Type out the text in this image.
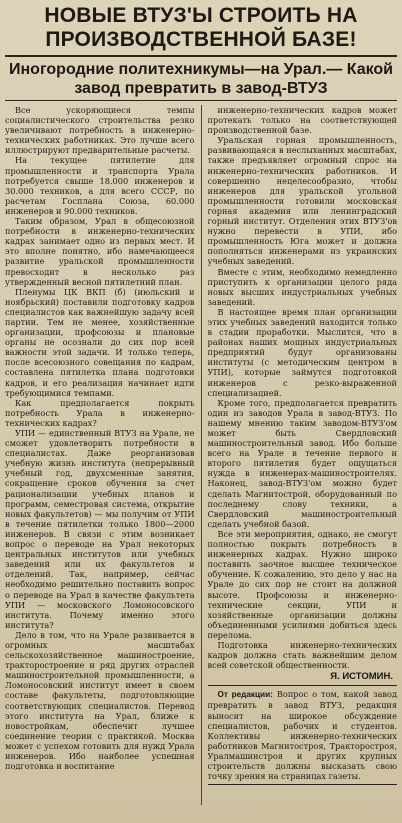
НОВЫЕ ВТУЗ'Ы СТРОИТЬ НА ПРОИЗВОДСТВЕННОЙ БАЗЕ!
Иногородние политехникумы—на Урал.— Какой завод превратить в завод-ВТУЗ

Все ускоряющиеся темпы социалистического строительства резко увеличивают потребность в инженерно-технических работниках. Это лучше всего иллюстрируют предварительные расчеты.

На текущее пятилетие для промышленности и транспорта Урала потребуется свыше 18.000 инженеров и 30.000 техников, а для всего СССР, по расчетам Госплана Союза, 60.000 инженеров и 90.000 техников.

Таким образом, Урал в общесоюзной потребности в инженерно-технических кадрах занимает одно из первых мест. И это вполне понятно, ибо намечающееся развитие уральской промышленности превосходит в несколько раз утвержденный весной пятилетний план.

Пленумы ЦК ВКП (б) (июльский и ноябрьский) поставили подготовку кадров специалистов как важнейшую задачу всей партии. Тем не менее, хозяйственные организации, профсоюзы и плановые органы не осознали до сих пор всей важности этой задачи. И только теперь, после всесоюзного совещания по кадрам, составлена пятилетка плана подготовки кадров, и его реализация начинает идти требующимися темпами.

Как предполагается покрыть потребность Урала в инженерно-технических кадрах?

УПИ — единственный ВТУЗ на Урале, не сможет удовлетворить потребности в специалистах. Даже реорганизовав учебную жизнь института (непрерывный учебный год, двухсменные занятия, сокращение сроков обучения за счет рационализации учебных планов и программ, семестровая система, открытие новых факультетов) — мы получим от УПИ в течение пятилетки только 1800—2000 инженеров. В связи с этим возникает вопрос о переводе на Урал некоторых центральных институтов или учебных заведений или их факультетов и отделений. Так, например, сейчас необходимо решительно поставить вопрос о переводе на Урал в качестве факультета УПИ — московского Ломоносовского института. Почему именно этого института?

Дело в том, что на Урале развивается в огромных масштабах сельскохозяйственное машиностроение, тракторостроение и ряд других отраслей машиностроительной промышленности, а Ломоносовский институт имеет в своем составе факультеты, подготовляющие соответствующих специалистов. Перевод этого института на Урал, ближе к новостройкам, обеспечит лучшее соединение теории с практикой. Москва может с успехом готовить для нужд Урала инженеров. Ибо наиболее успешная подготовка и воспитание

инженерно-технических кадров может протекать только на соответствующей производственной базе.

Уральская горная промышленность, развивающаяся в неслыханных масштабах, также предъявляет огромный спрос на инженерно-технических работников. И совершенно нецелесообразно, чтобы инженеров для уральской угольной промышленности готовили московская горная академия или ленинградский горный институт. Отделения этих ВТУЗ'ов нужно перевести в УПИ, ибо промышленность Юга может и должна пополняться инженерами из украинских учебных заведений.

Вместе с этим, необходимо немедленно приступить к организации целого ряда новых высших индустриальных учебных заведений.

В настоящее время план организации этих учебных заведений находится только в стадии проработки. Мыслится, что в районах наших мощных индустриальных предприятий будут организованы институты (с методическим центром в УПИ), которые займутся подготовкой инженеров с резко-выраженной специализацией.

Кроме того, предполагается превратить один из заводов Урала в завод-ВТУЗ. По нашему мнению таким заводом-ВТУЗ'ом может быть Свердловский машиностроительный завод. Ибо больше всего на Урале в течение первого и второго пятилетия будет ощущаться нужда в инженерах-машиностроителях. Наконец, завод-ВТУЗ'ом можно будет сделать Магнитострой, оборудованный по последнему слову техники, а Свердловский машиностроительный сделать учебной базой.

Все эти мероприятия, однако, не смогут полностью покрыть потребность в инженерных кадрах. Нужно широко поставить заочное высшее техническое обучение. К сожалению, это дело у нас на Урале до сих пор не стоит на должной высоте. Профсоюзы и инженерно-технические секции, УПИ и хозяйственные организации должны объединенными усилиями добиться здесь перелома.

Подготовка инженерно-технических кадров должна стать важнейшим делом всей советской общественности.

Я. ИСТОМИН.

От редакции: Вопрос о том, какой завод превратить в завод ВТУЗ, редакция выносит на широкое обсуждение специалистов, рабочих и студентов. Коллективы инженерно-технических работников Магнитостроя, Тракторостроя, Уралмашинстроя и других крупных строительств должны высказать свою точку зрения на страницах газеты.
